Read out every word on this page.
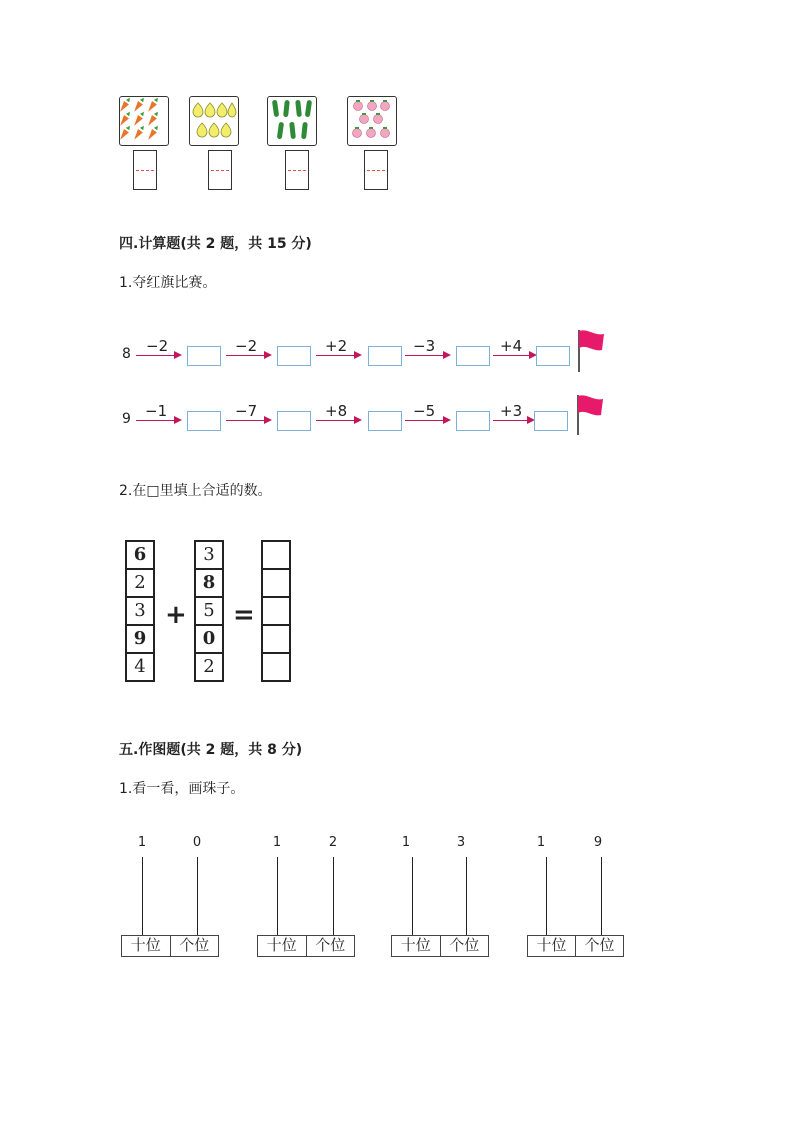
四.计算题(共 2 题，共 15 分)
1.夺红旗比赛。
8 −2	−2	+2	−3	+4
9 −1	−7	+8	−5	+3
2.在□里填上合适的数。
6
2
3
9
4
+
3
8
5
0
2
=
五.作图题(共 2 题，共 8 分)
1.看一看，画珠子。
1	0
十位	个位
1	2
十位	个位
1	3
十位	个位
1	9
十位	个位
